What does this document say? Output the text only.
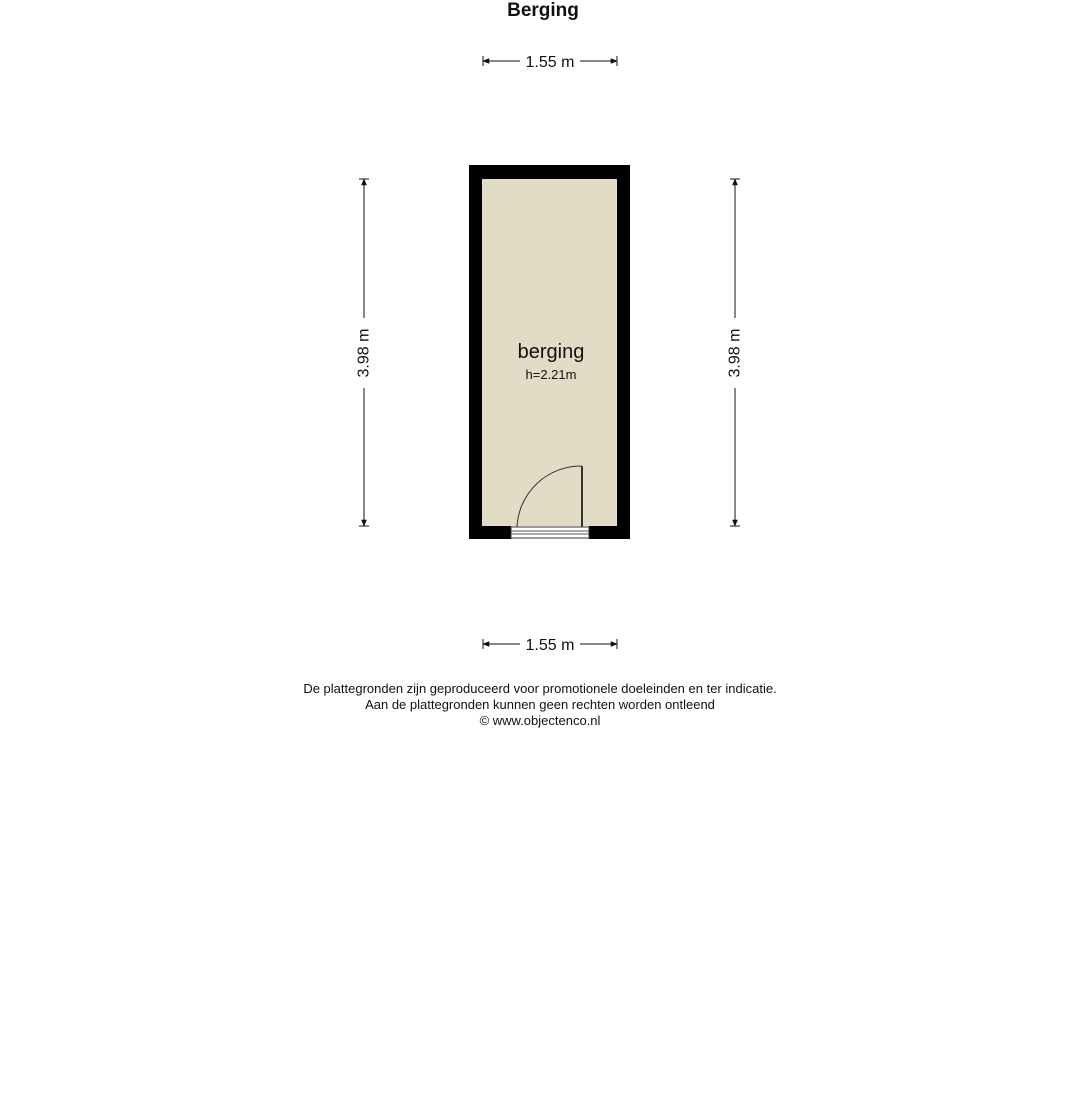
Berging
1.55 m
1.55 m
3.98 m	3.98 m
berging
h=2.21m
De plattegronden zijn geproduceerd voor promotionele doeleinden en ter indicatie.
Aan de plattegronden kunnen geen rechten worden ontleend
© www.objectenco.nl
